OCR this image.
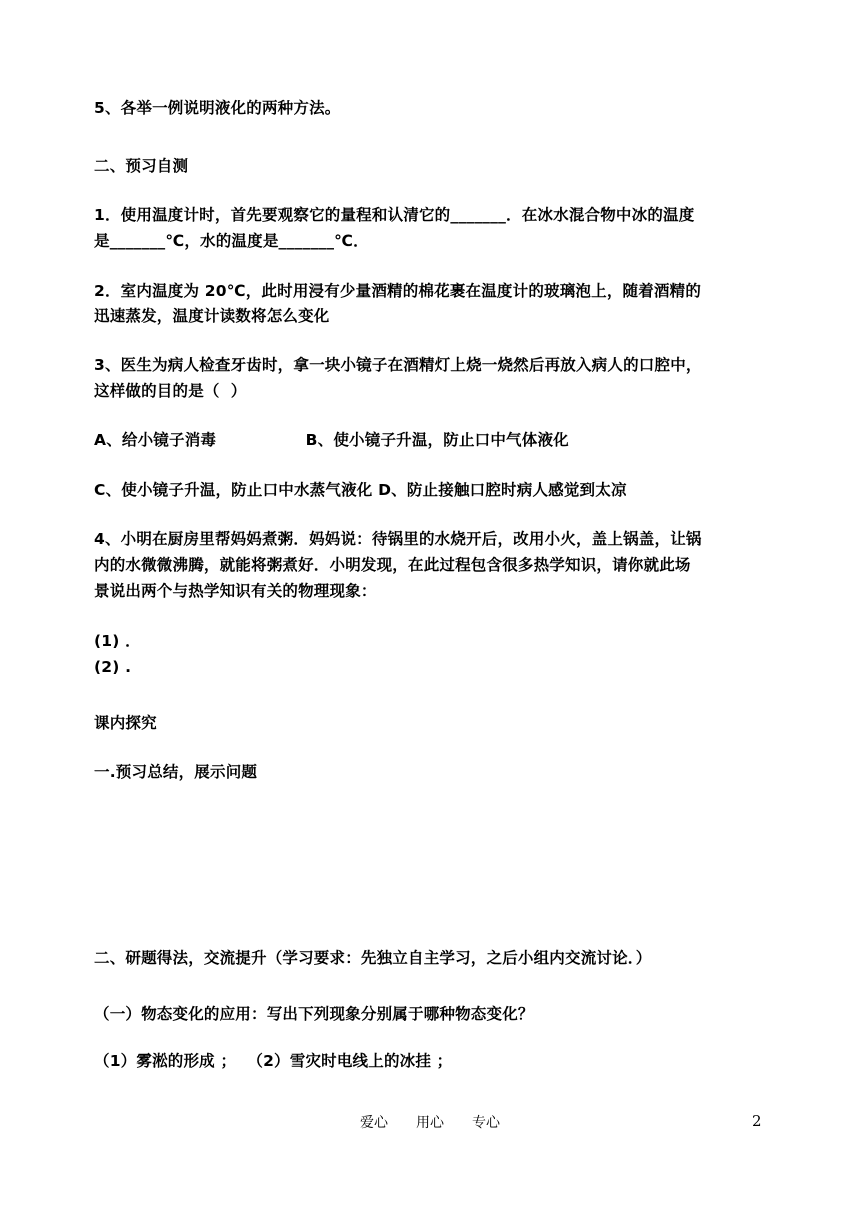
5、各举一例说明液化的两种方法。
二、预习自测
1．使用温度计时，首先要观察它的量程和认清它的_______．在冰水混合物中冰的温度
是_______℃，水的温度是_______℃．
2．室内温度为 20℃，此时用浸有少量酒精的棉花裹在温度计的玻璃泡上，随着酒精的
迅速蒸发，温度计读数将怎么变化
3、医生为病人检查牙齿时，拿一块小镜子在酒精灯上烧一烧然后再放入病人的口腔中，
这样做的目的是（  ）
A、给小镜子消毒                B、使小镜子升温，防止口中气体液化
C、使小镜子升温，防止口中水蒸气液化 D、防止接触口腔时病人感觉到太凉
4、小明在厨房里帮妈妈煮粥．妈妈说：待锅里的水烧开后，改用小火，盖上锅盖，让锅
内的水微微沸腾，就能将粥煮好．小明发现，在此过程包含很多热学知识，请你就此场
景说出两个与热学知识有关的物理现象：
(1) ．
(2) .
课内探究
一.预习总结，展示问题
二、研题得法，交流提升（学习要求：先独立自主学习，之后小组内交流讨论．）
（一）物态变化的应用：写出下列现象分别属于哪种物态变化？
（1）雾淞的形成 ；  （2）雪灾时电线上的冰挂 ；
爱心 用心 专心	2
